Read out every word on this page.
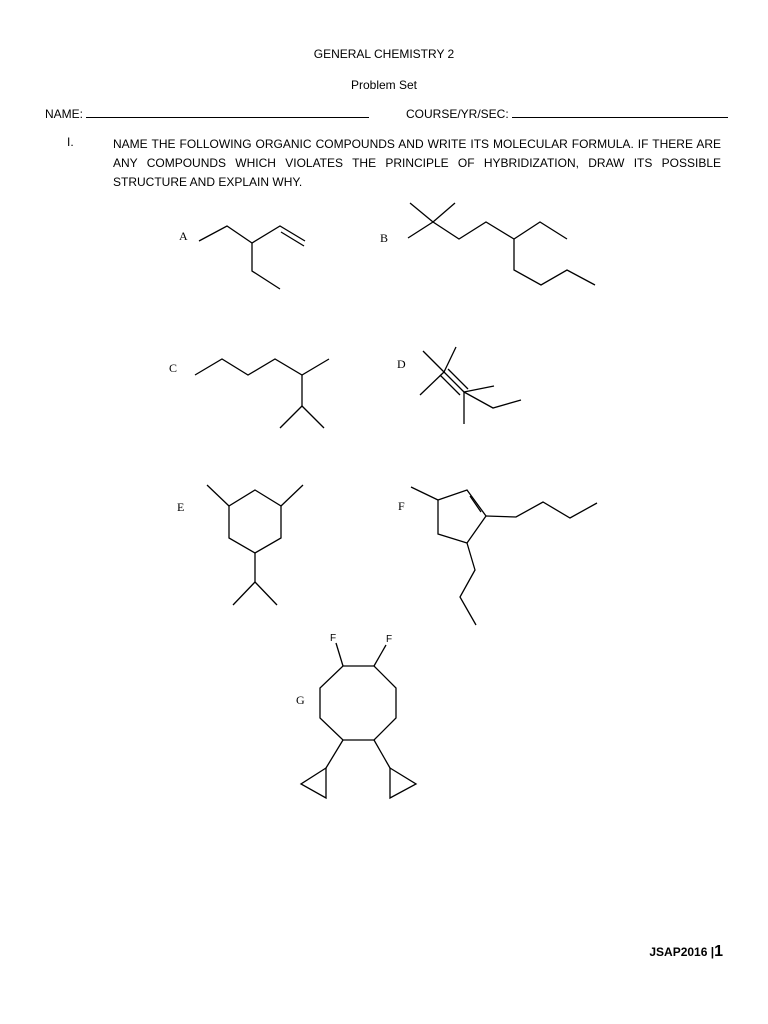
GENERAL CHEMISTRY 2
Problem Set
NAME:	COURSE/YR/SEC:
I.	NAME THE FOLLOWING ORGANIC COMPOUNDS AND WRITE ITS MOLECULAR FORMULA. IF THERE ARE ANY COMPOUNDS WHICH VIOLATES THE PRINCIPLE OF HYBRIDIZATION, DRAW ITS POSSIBLE STRUCTURE AND EXPLAIN WHY.
A	B
C	D
E	F
G
F	F
JSAP2016 |1
